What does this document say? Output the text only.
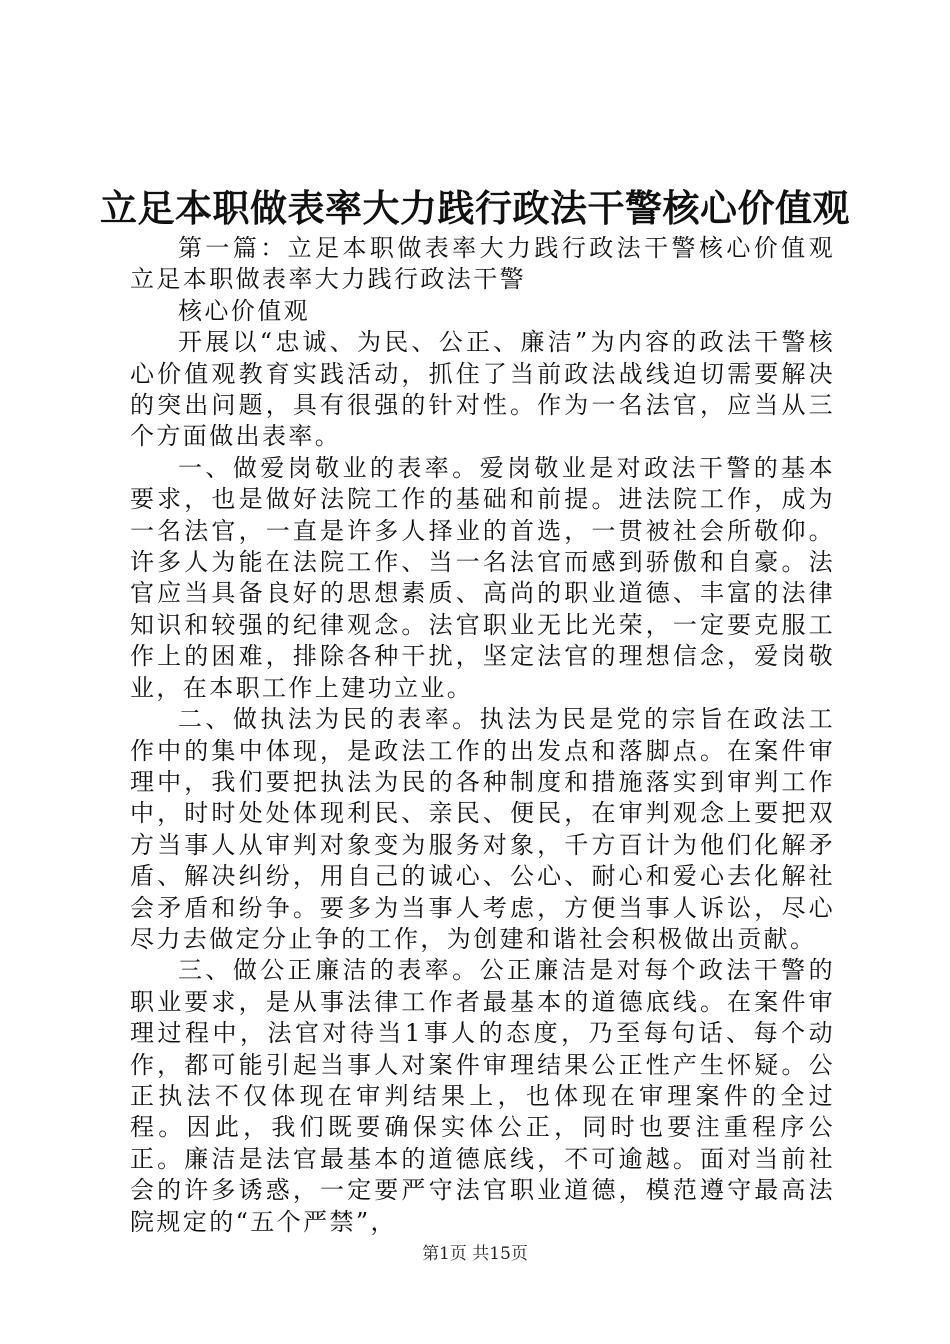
立足本职做表率大力践行政法干警核心价值观

第一篇：立足本职做表率大力践行政法干警核心价值观立足本职做表率大力践行政法干警

核心价值观

开展以“忠诚、为民、公正、廉洁”为内容的政法干警核心价值观教育实践活动，抓住了当前政法战线迫切需要解决的突出问题，具有很强的针对性。作为一名法官，应当从三个方面做出表率。

一、做爱岗敬业的表率。爱岗敬业是对政法干警的基本要求，也是做好法院工作的基础和前提。进法院工作，成为一名法官，一直是许多人择业的首选，一贯被社会所敬仰。许多人为能在法院工作、当一名法官而感到骄傲和自豪。法官应当具备良好的思想素质、高尚的职业道德、丰富的法律知识和较强的纪律观念。法官职业无比光荣，一定要克服工作上的困难，排除各种干扰，坚定法官的理想信念，爱岗敬业，在本职工作上建功立业。

二、做执法为民的表率。执法为民是党的宗旨在政法工作中的集中体现，是政法工作的出发点和落脚点。在案件审理中，我们要把执法为民的各种制度和措施落实到审判工作中，时时处处体现利民、亲民、便民，在审判观念上要把双方当事人从审判对象变为服务对象，千方百计为他们化解矛盾、解决纠纷，用自己的诚心、公心、耐心和爱心去化解社会矛盾和纷争。要多为当事人考虑，方便当事人诉讼，尽心尽力去做定分止争的工作，为创建和谐社会积极做出贡献。

三、做公正廉洁的表率。公正廉洁是对每个政法干警的职业要求，是从事法律工作者最基本的道德底线。在案件审理过程中，法官对待当1事人的态度，乃至每句话、每个动作，都可能引起当事人对案件审理结果公正性产生怀疑。公正执法不仅体现在审判结果上，也体现在审理案件的全过程。因此，我们既要确保实体公正，同时也要注重程序公正。廉洁是法官最基本的道德底线，不可逾越。面对当前社会的许多诱惑，一定要严守法官职业道德，模范遵守最高法院规定的“五个严禁”，

第1页 共15页
